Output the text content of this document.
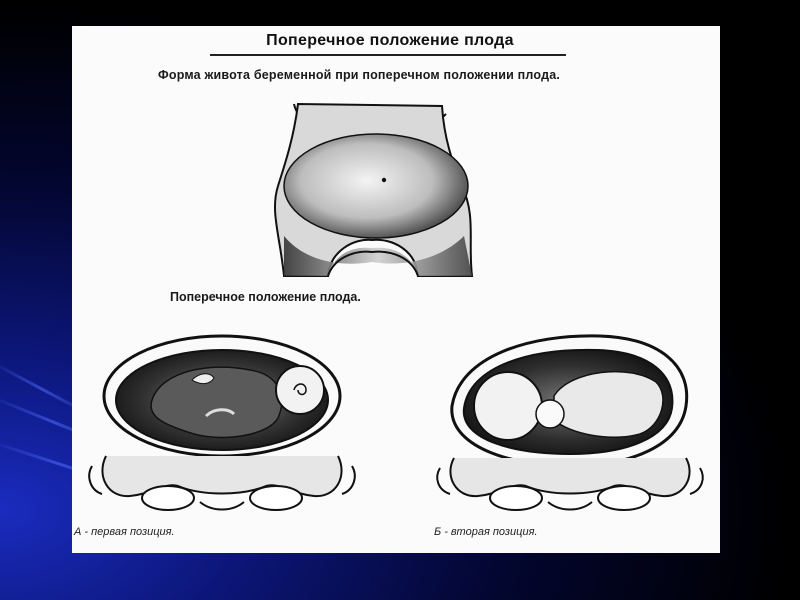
Поперечное положение плода
Форма живота беременной при поперечном положении плода.
Поперечное положение плода.
А - первая позиция.	Б - вторая позиция.
